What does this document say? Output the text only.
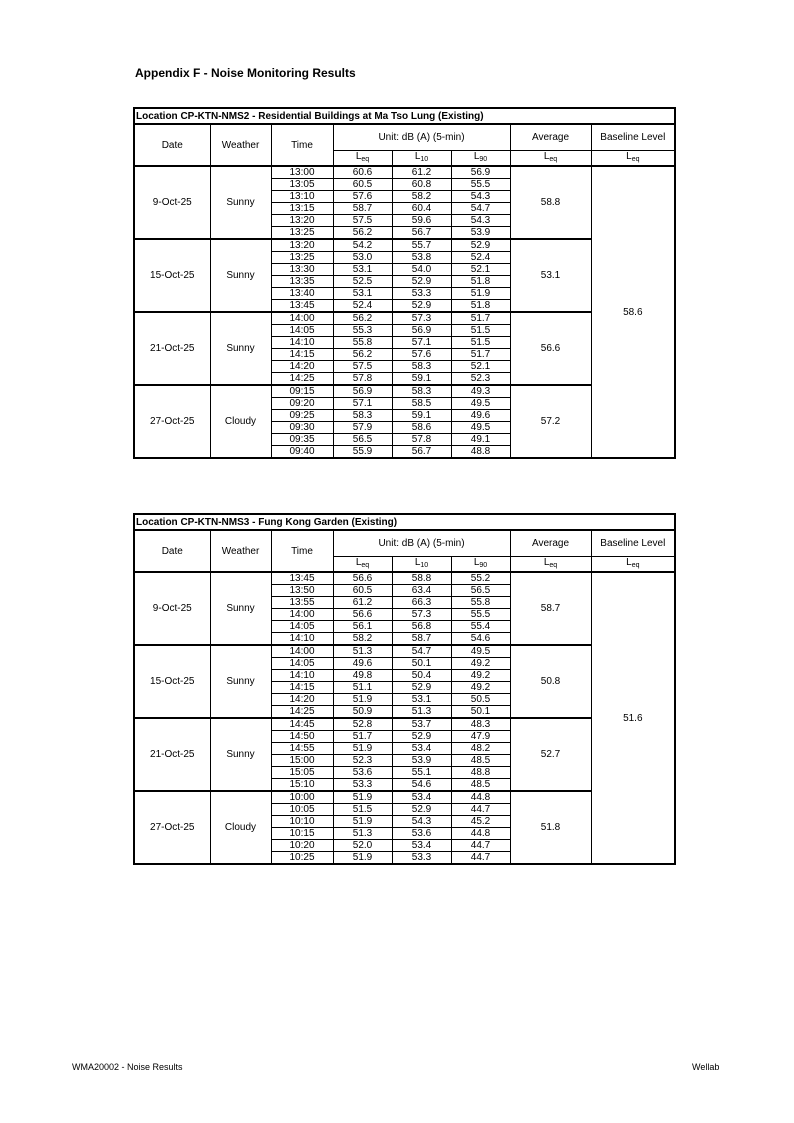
Appendix F - Noise Monitoring Results
Location CP-KTN-NMS2 - Residential Buildings at Ma Tso Lung (Existing)							
Date	Weather	Time	Unit: dB (A) (5-min)			Average	Baseline Level
			$L_{eq}$	$L_{10}$	$L_{90}$	$L_{eq}$	$L_{eq}$
9-Oct-25	Sunny	13:00	60.6	61.2	56.9	58.8	58.6
		13:05	60.5	60.8	55.5		
		13:10	57.6	58.2	54.3		
		13:15	58.7	60.4	54.7		
		13:20	57.5	59.6	54.3		
		13:25	56.2	56.7	53.9		
15-Oct-25	Sunny	13:20	54.2	55.7	52.9	53.1	
		13:25	53.0	53.8	52.4		
		13:30	53.1	54.0	52.1		
		13:35	52.5	52.9	51.8		
		13:40	53.1	53.3	51.9		
		13:45	52.4	52.9	51.8		
21-Oct-25	Sunny	14:00	56.2	57.3	51.7	56.6	
		14:05	55.3	56.9	51.5		
		14:10	55.8	57.1	51.5		
		14:15	56.2	57.6	51.7		
		14:20	57.5	58.3	52.1		
		14:25	57.8	59.1	52.3		
27-Oct-25	Cloudy	09:15	56.9	58.3	49.3	57.2	
		09:20	57.1	58.5	49.5		
		09:25	58.3	59.1	49.6		
		09:30	57.9	58.6	49.5		
		09:35	56.5	57.8	49.1		
		09:40	55.9	56.7	48.8		
Location CP-KTN-NMS3 - Fung Kong Garden (Existing)							
Date	Weather	Time	Unit: dB (A) (5-min)			Average	Baseline Level
			$L_{eq}$	$L_{10}$	$L_{90}$	$L_{eq}$	$L_{eq}$
9-Oct-25	Sunny	13:45	56.6	58.8	55.2	58.7	51.6
		13:50	60.5	63.4	56.5		
		13:55	61.2	66.3	55.8		
		14:00	56.6	57.3	55.5		
		14:05	56.1	56.8	55.4		
		14:10	58.2	58.7	54.6		
15-Oct-25	Sunny	14:00	51.3	54.7	49.5	50.8	
		14:05	49.6	50.1	49.2		
		14:10	49.8	50.4	49.2		
		14:15	51.1	52.9	49.2		
		14:20	51.9	53.1	50.5		
		14:25	50.9	51.3	50.1		
21-Oct-25	Sunny	14:45	52.8	53.7	48.3	52.7	
		14:50	51.7	52.9	47.9		
		14:55	51.9	53.4	48.2		
		15:00	52.3	53.9	48.5		
		15:05	53.6	55.1	48.8		
		15:10	53.3	54.6	48.5		
27-Oct-25	Cloudy	10:00	51.9	53.4	44.8	51.8	
		10:05	51.5	52.9	44.7		
		10:10	51.9	54.3	45.2		
		10:15	51.3	53.6	44.8		
		10:20	52.0	53.4	44.7		
		10:25	51.9	53.3	44.7		
WMA20002 - Noise Results	Wellab
